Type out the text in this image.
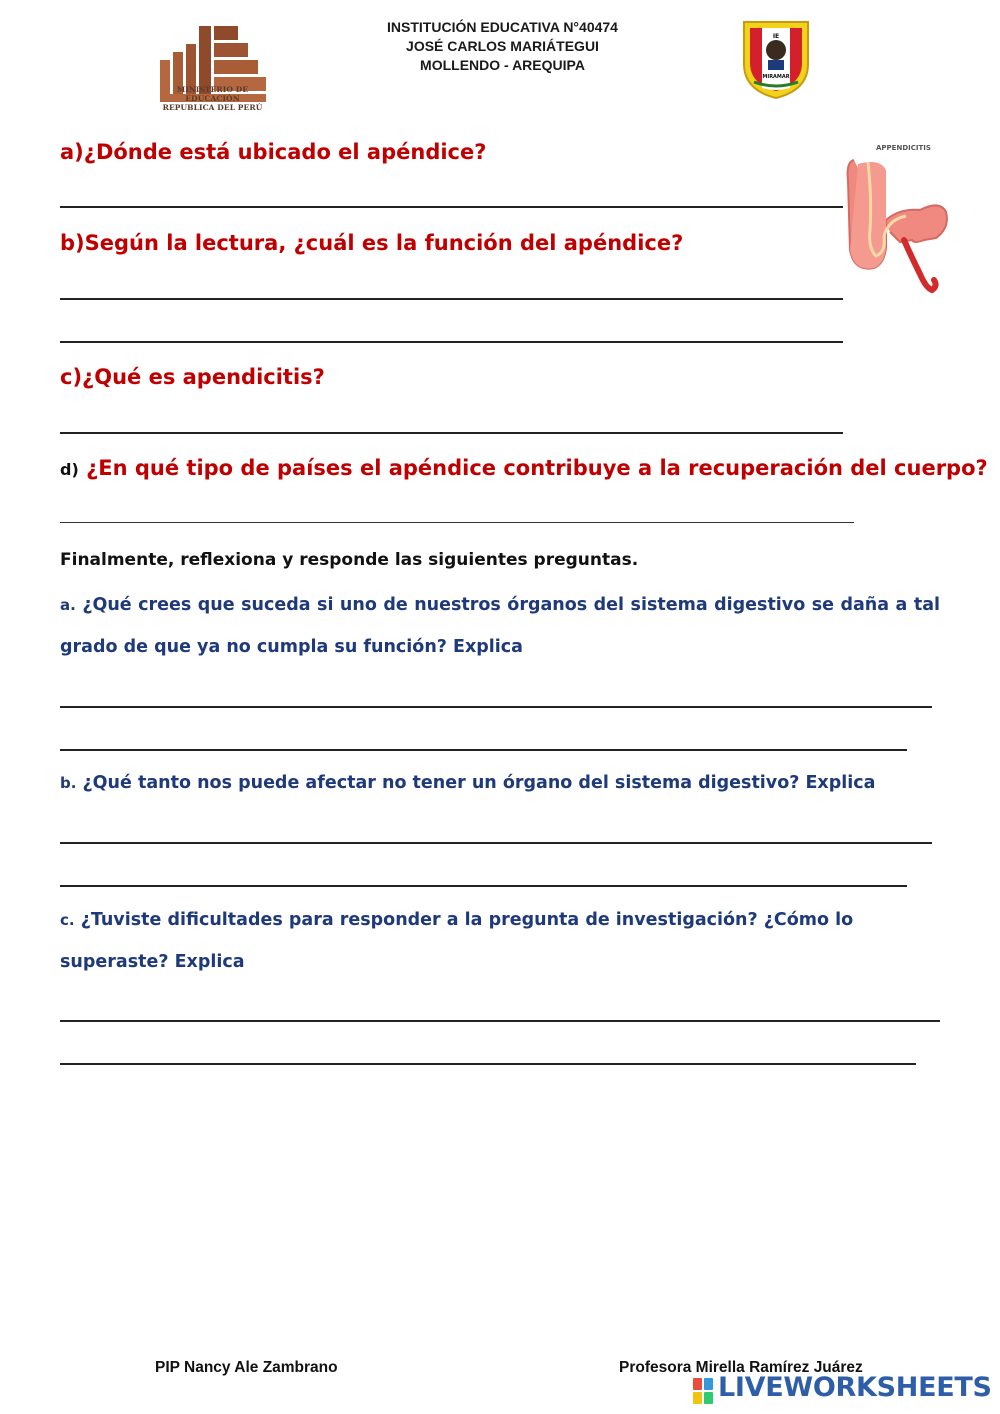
MINISTERIO DE EDUCACIÓN
REPUBLICA DEL PERÚ
INSTITUCIÓN EDUCATIVA N°40474
JOSÉ CARLOS MARIÁTEGUI
MOLLENDO - AREQUIPA
IE
MIRAMAR
APPENDICITIS
a)¿Dónde está ubicado el apéndice?
b)Según la lectura, ¿cuál es la función del apéndice?
c)¿Qué es apendicitis?
d) ¿En qué tipo de países el apéndice contribuye a la recuperación del cuerpo?
Finalmente, reflexiona y responde las siguientes preguntas.
a. ¿Qué crees que suceda si uno de nuestros órganos del sistema digestivo se daña a tal grado de que ya no cumpla su función? Explica
b. ¿Qué tanto nos puede afectar no tener un órgano del sistema digestivo? Explica
c. ¿Tuviste dificultades para responder a la pregunta de investigación? ¿Cómo lo superaste? Explica
PIP Nancy Ale Zambrano	Profesora Mirella Ramírez Juárez
LIVEWORKSHEETS
